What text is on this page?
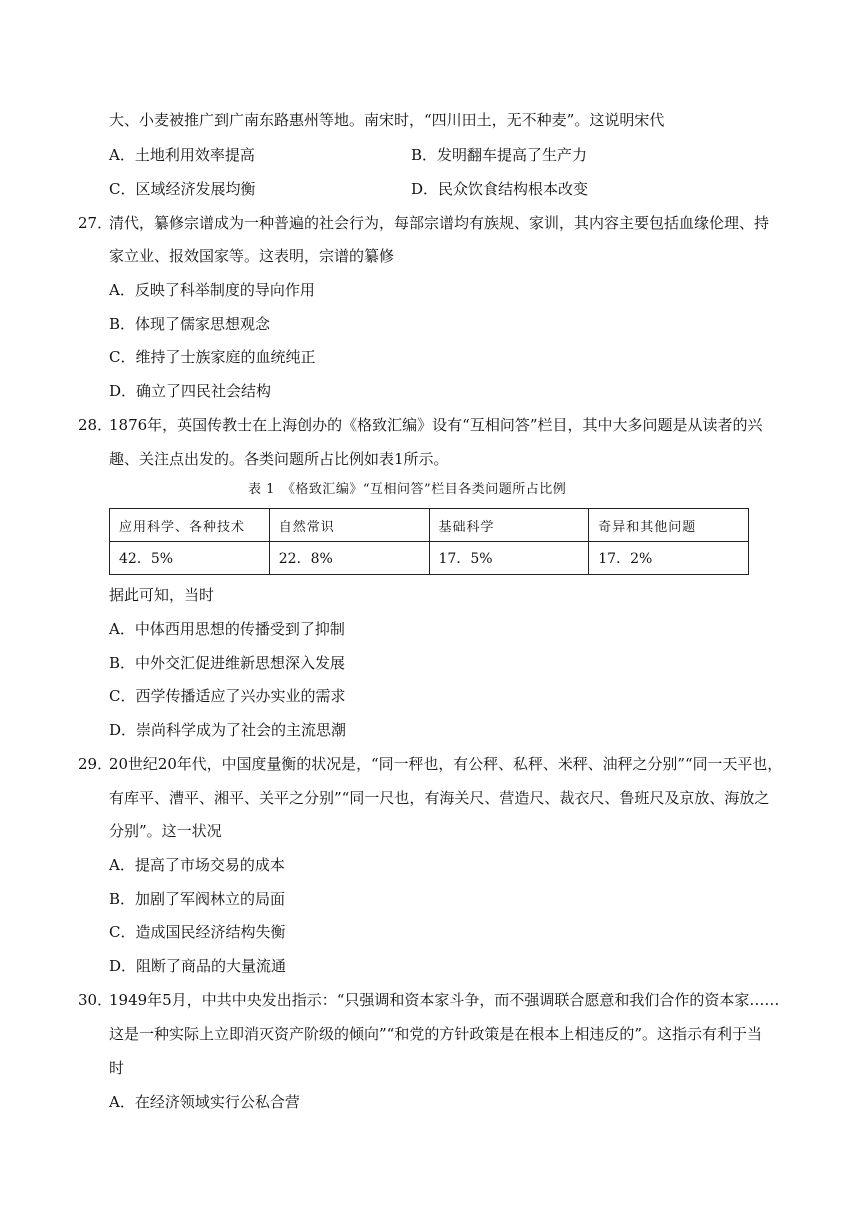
大、小麦被推广到广南东路惠州等地。南宋时，“四川田土，无不种麦”。这说明宋代
A．土地利用效率提高	B．发明翻车提高了生产力
C．区域经济发展均衡	D．民众饮食结构根本改变
27．
清代，纂修宗谱成为一种普遍的社会行为，每部宗谱均有族规、家训，其内容主要包括血缘伦理、持
家立业、报效国家等。这表明，宗谱的纂修
A．反映了科举制度的导向作用
B．体现了儒家思想观念
C．维持了士族家庭的血统纯正
D．确立了四民社会结构
28．
1876年，英国传教士在上海创办的《格致汇编》设有“互相问答”栏目，其中大多问题是从读者的兴
趣、关注点出发的。各类问题所占比例如表1所示。
表 1　《格致汇编》“互相问答”栏目各类问题所占比例
应用科学、各种技术	自然常识	基础科学	奇异和其他问题
42．5%	22．8%	17．5%	17．2%
据此可知，当时
A．中体西用思想的传播受到了抑制
B．中外交汇促进维新思想深入发展
C．西学传播适应了兴办实业的需求
D．崇尚科学成为了社会的主流思潮
29．
20世纪20年代，中国度量衡的状况是，“同一秤也，有公秤、私秤、米秤、油秤之分别”“同一天平也，
有库平、漕平、湘平、关平之分别”“同一尺也，有海关尺、营造尺、裁衣尺、鲁班尺及京放、海放之
分别”。这一状况
A．提高了市场交易的成本
B．加剧了军阀林立的局面
C．造成国民经济结构失衡
D．阻断了商品的大量流通
30．
1949年5月，中共中央发出指示：“只强调和资本家斗争，而不强调联合愿意和我们合作的资本家……
这是一种实际上立即消灭资产阶级的倾向”“和党的方针政策是在根本上相违反的”。这指示有利于当
时
A．在经济领域实行公私合营
